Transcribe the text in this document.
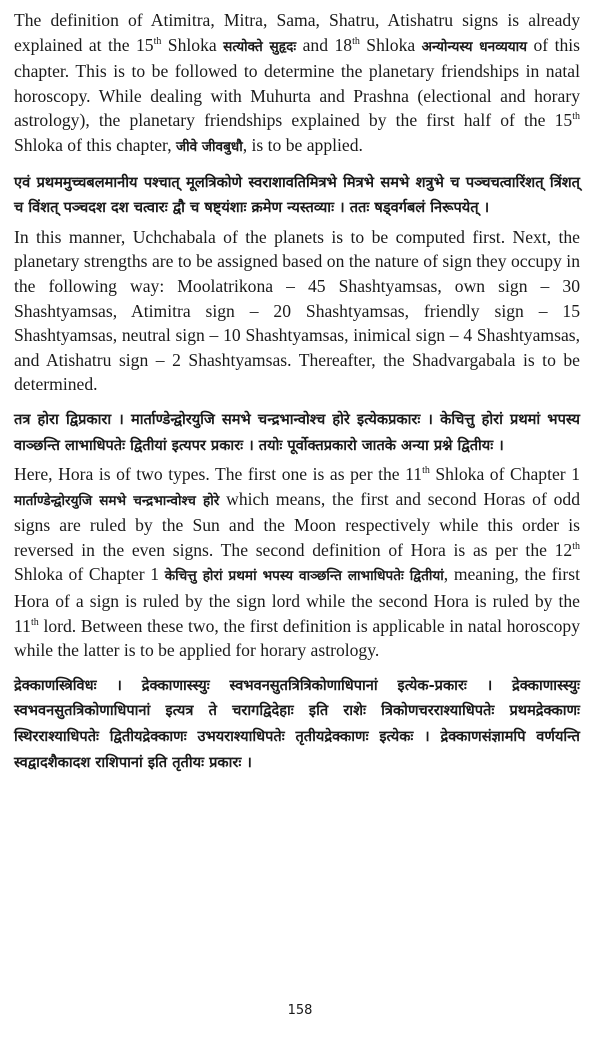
The definition of Atimitra, Mitra, Sama, Shatru, Atishatru signs is already explained at the 15th Shloka सत्योक्ते सुहृदः and 18th Shloka अन्योन्यस्य धनव्ययाय of this chapter. This is to be followed to determine the planetary friendships in natal horoscopy. While dealing with Muhurta and Prashna (electional and horary astrology), the planetary friendships explained by the first half of the 15th Shloka of this chapter, जीवे जीवबुधौ, is to be applied.

एवं प्रथममुच्चबलमानीय पश्चात् मूलत्रिकोणे स्वराशावतिमित्रभे मित्रभे समभे शत्रुभे च पञ्चचत्वारिंशत् त्रिंशत् च विंशत् पञ्चदश दश चत्वारः द्वौ च षष्ट्यंशाः क्रमेण न्यस्तव्याः । ततः षड्वर्गबलं निरूपयेत् ।

In this manner, Uchchabala of the planets is to be computed first. Next, the planetary strengths are to be assigned based on the nature of sign they occupy in the following way: Moolatrikona – 45 Shashtyamsas, own sign – 30 Shashtyamsas, Atimitra sign – 20 Shashtyamsas, friendly sign – 15 Shashtyamsas, neutral sign – 10 Shashtyamsas, inimical sign – 4 Shashtyamsas, and Atishatru sign – 2 Shashtyamsas. Thereafter, the Shadvargabala is to be determined.

तत्र होरा द्विप्रकारा । मार्ताण्डेन्द्वोरयुजि समभे चन्द्रभान्वोश्च होरे इत्येकप्रकारः । केचित्तु होरां प्रथमां भपस्य वाञ्छन्ति लाभाधिपतेः द्वितीयां इत्यपर प्रकारः । तयोः पूर्वोक्तप्रकारो जातके अन्या प्रश्ने द्वितीयः ।

Here, Hora is of two types. The first one is as per the 11th Shloka of Chapter 1 मार्ताण्डेन्द्वोरयुजि समभे चन्द्रभान्वोश्च होरे which means, the first and second Horas of odd signs are ruled by the Sun and the Moon respectively while this order is reversed in the even signs. The second definition of Hora is as per the 12th Shloka of Chapter 1 केचित्तु होरां प्रथमां भपस्य वाञ्छन्ति लाभाधिपतेः द्वितीयां, meaning, the first Hora of a sign is ruled by the sign lord while the second Hora is ruled by the 11th lord. Between these two, the first definition is applicable in natal horoscopy while the latter is to be applied for horary astrology.

द्रेक्काणस्त्रिविधः । द्रेक्काणास्स्युः स्वभवनसुतत्रित्रिकोणाधिपानां इत्येक-प्रकारः । द्रेक्काणास्स्युः स्वभवनसुतत्रिकोणाधिपानां इत्यत्र ते चरागद्विदेहाः इति राशेः त्रिकोणचरराश्याधिपतेः प्रथमद्रेक्काणः स्थिरराश्याधिपतेः द्वितीयद्रेक्काणः उभयराश्याधिपतेः तृतीयद्रेक्काणः इत्येकः । द्रेक्काणसंज्ञामपि वर्णयन्ति स्वद्वादशैकादश राशिपानां इति तृतीयः प्रकारः ।

158
